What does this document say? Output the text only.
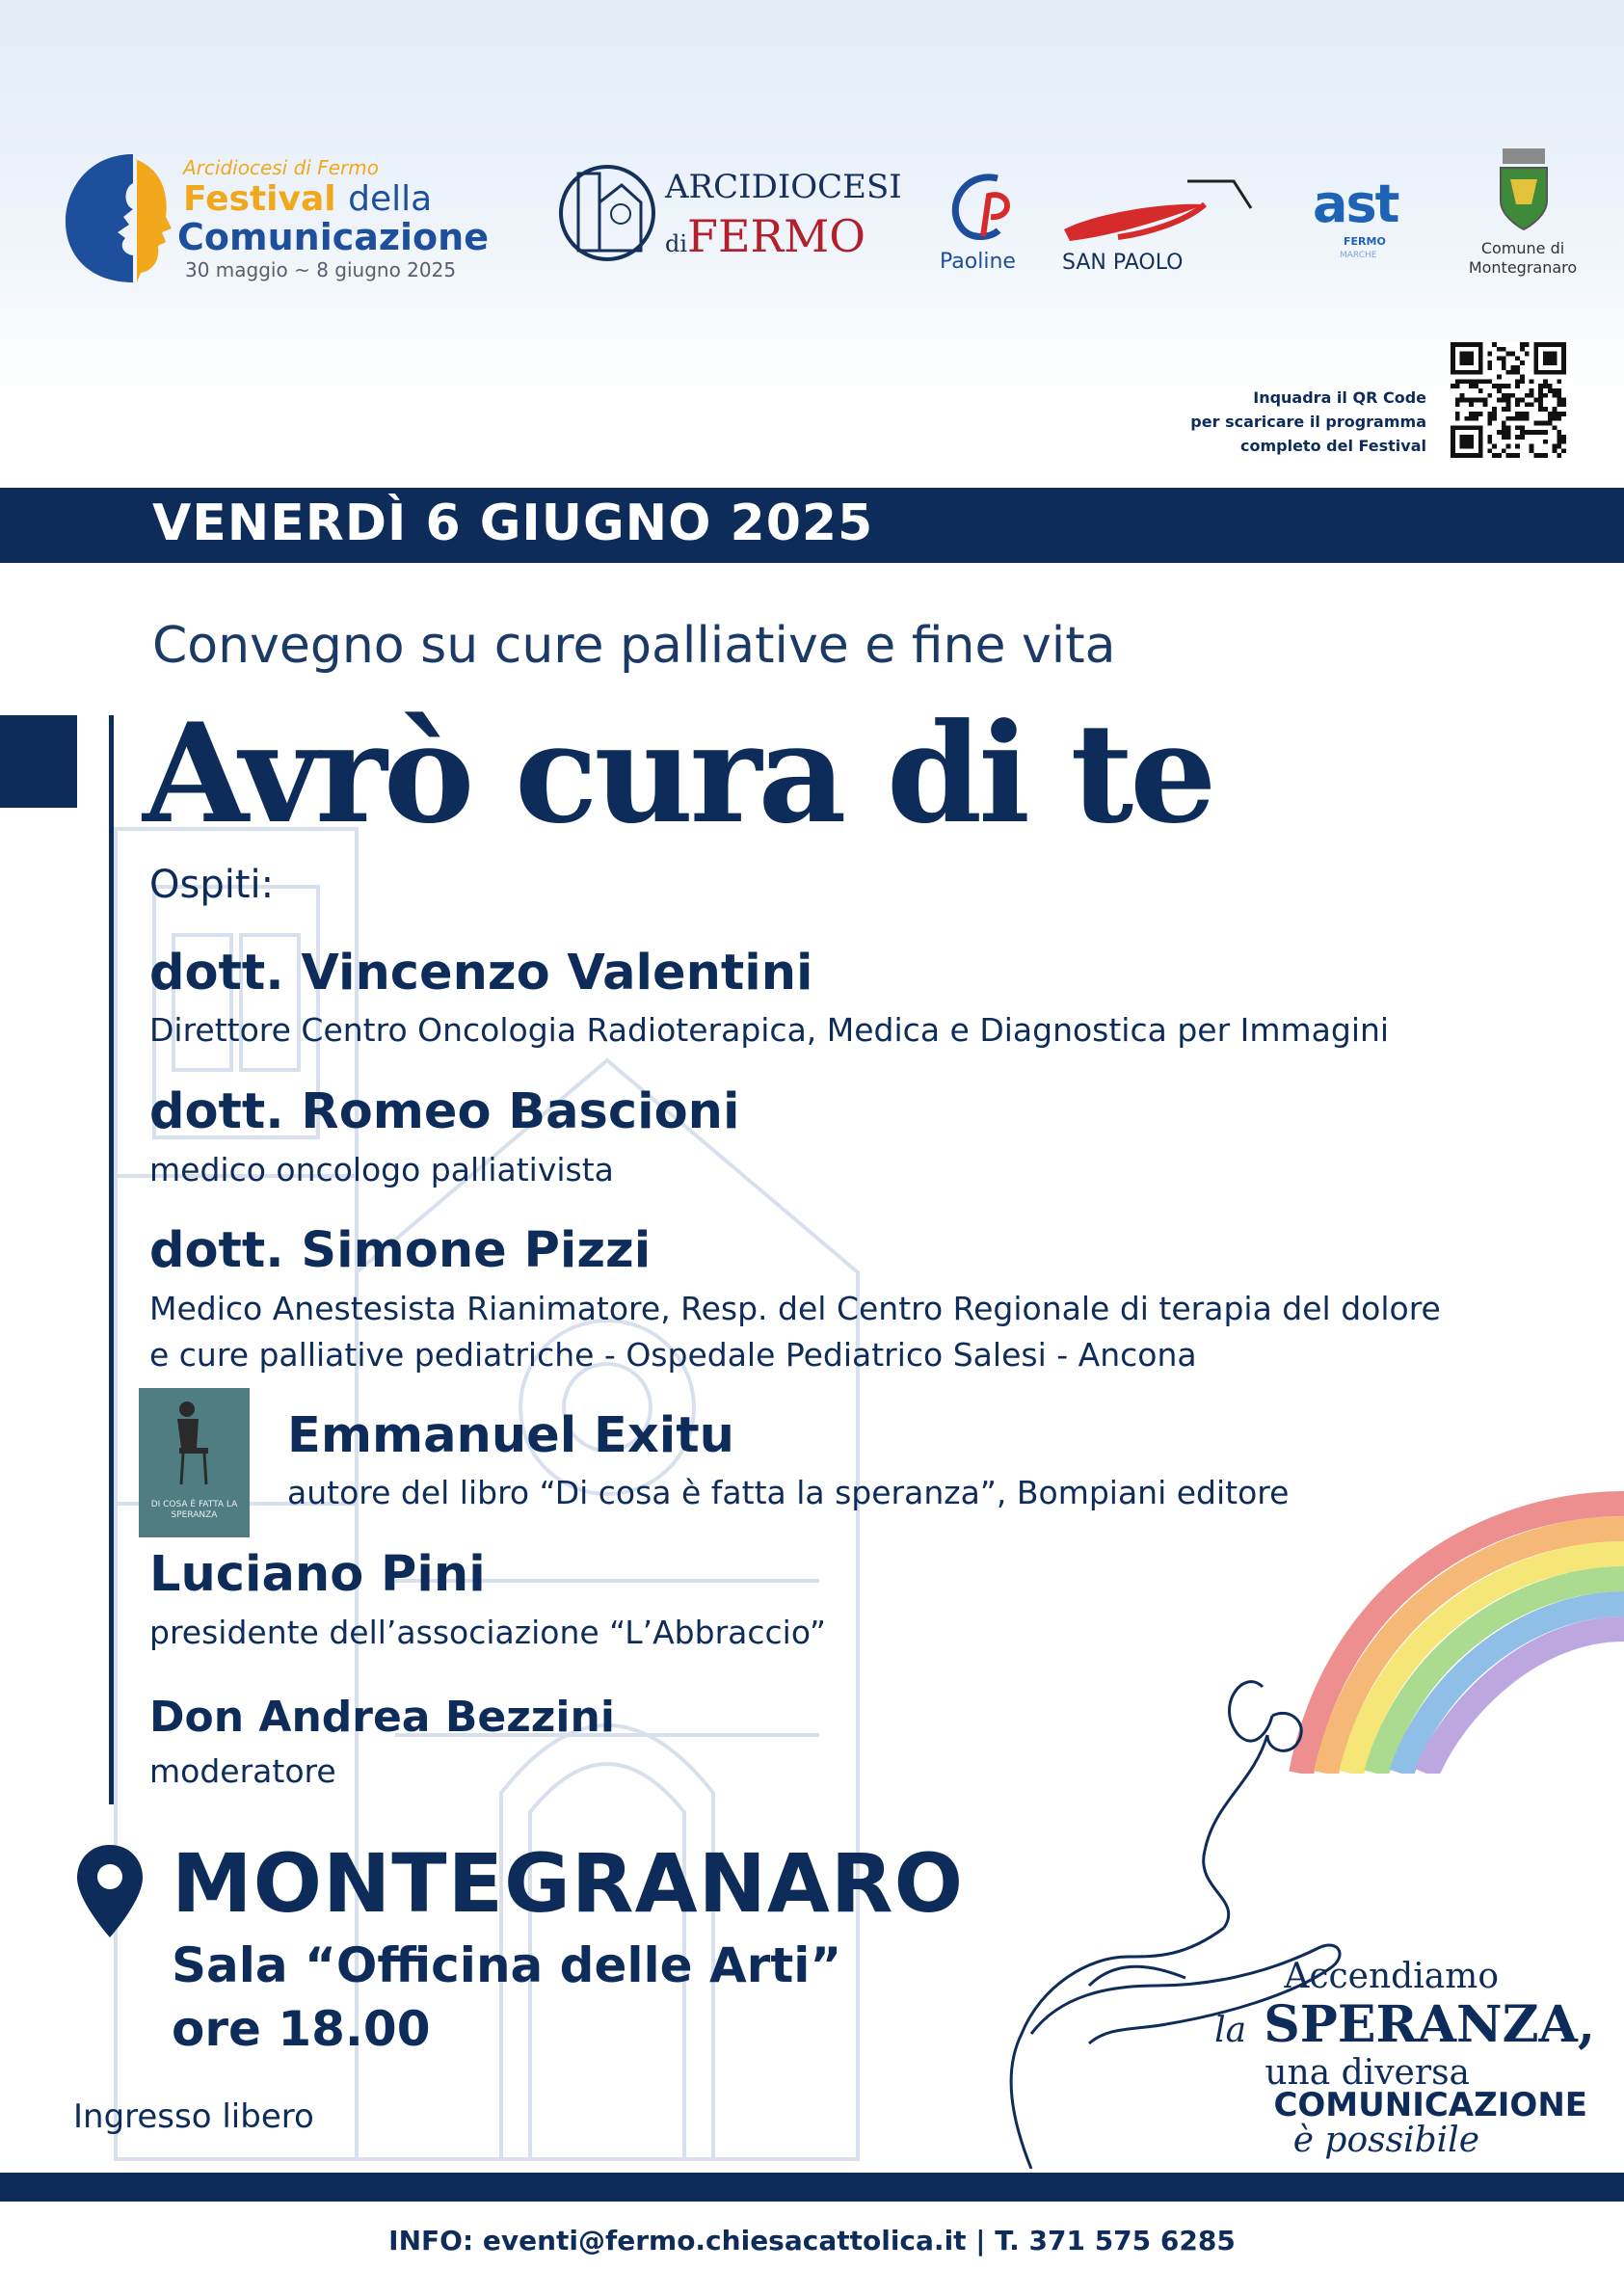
Arcidiocesi di Fermo
Festival della
Comunicazione
30 maggio ~ 8 giugno 2025
ARCIDIOCESI
diFERMO	Paoline SAN PAOLO
ast
FERMO
MARCHE	Comune di
Montegranaro
Inquadra il QR Code
per scaricare il programma
completo del Festival
VENERDÌ 6 GIUGNO 2025
Convegno su cure palliative e fine vita
Avrò cura di te
Ospiti:
dott. Vincenzo Valentini
Direttore Centro Oncologia Radioterapica, Medica e Diagnostica per Immagini
dott. Romeo Bascioni
medico oncologo palliativista
dott. Simone Pizzi
Medico Anestesista Rianimatore, Resp. del Centro Regionale di terapia del dolore
e cure palliative pediatriche - Ospedale Pediatrico Salesi - Ancona
DI COSA È FATTA LA SPERANZA
Emmanuel Exitu
autore del libro “Di cosa è fatta la speranza”, Bompiani editore
Luciano Pini
presidente dell’associazione “L’Abbraccio”
Don Andrea Bezzini
moderatore
MONTEGRANARO
Sala “Officina delle Arti”
ore 18.00
Ingresso libero
Accendiamo
la SPERANZA,
una diversa
COMUNICAZIONE
è possibile
INFO: eventi@fermo.chiesacattolica.it | T. 371 575 6285
